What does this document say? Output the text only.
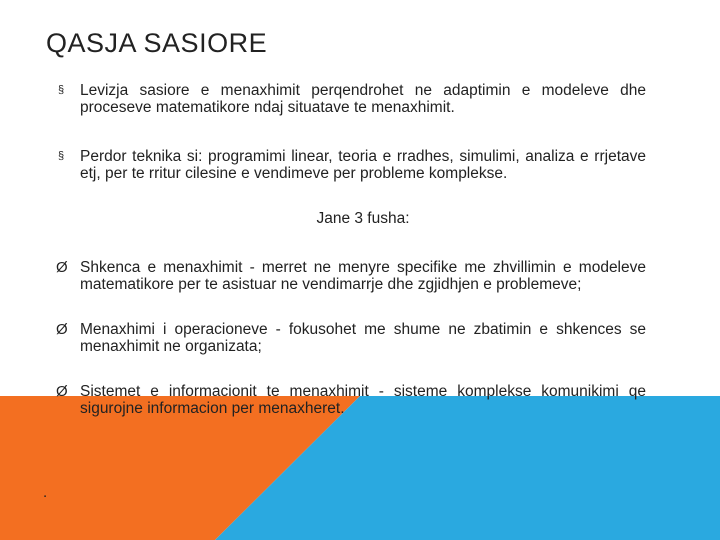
QASJA SASIORE
§ Levizja sasiore e menaxhimit perqendrohet ne adaptimin e modeleve dhe proceseve matematikore ndaj situatave te menaxhimit.
§ Perdor teknika si: programimi linear, teoria e rradhes, simulimi, analiza e rrjetave etj, per te rritur cilesine e vendimeve per probleme komplekse.
Jane 3 fusha:
Ø Shkenca e menaxhimit - merret ne menyre specifike me zhvillimin e modeleve matematikore per te asistuar ne vendimarrje dhe zgjidhjen e problemeve;
Ø Menaxhimi i operacioneve - fokusohet me shume ne zbatimin e shkences se menaxhimit ne organizata;
Ø Sistemet e informacionit te menaxhimit - sisteme komplekse komunikimi qe sigurojne informacion per menaxheret.
.
